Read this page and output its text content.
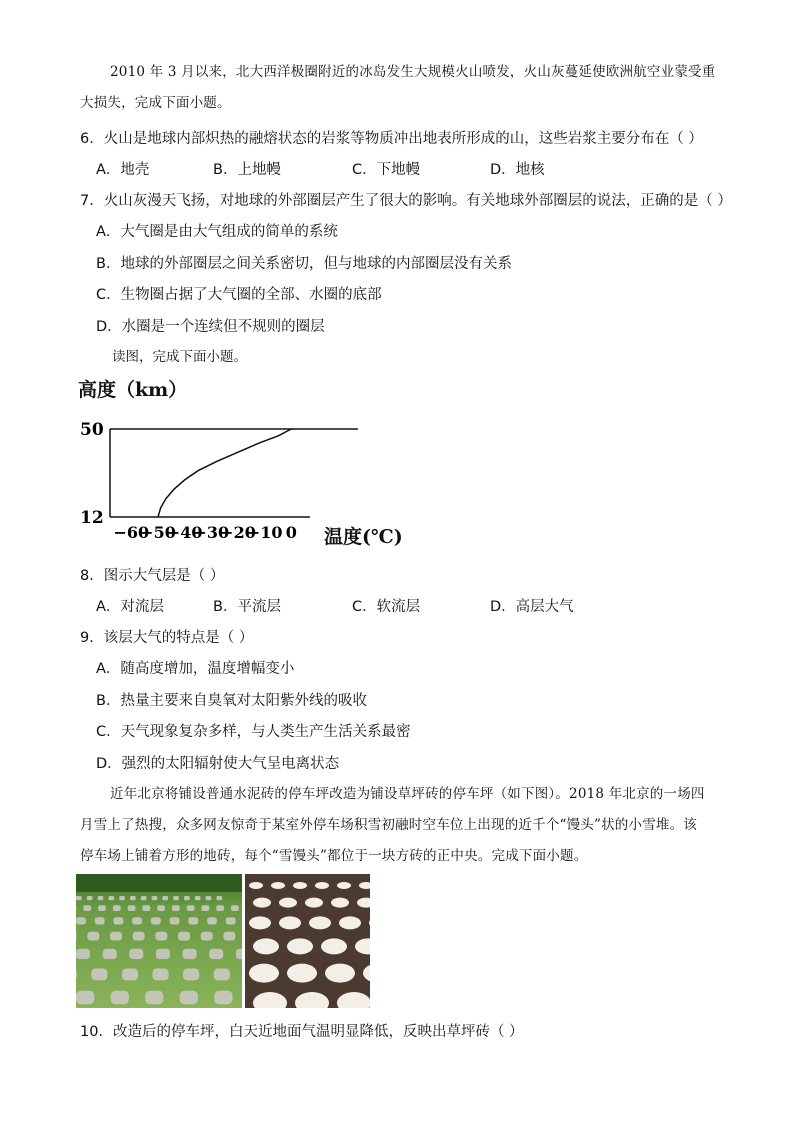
2010 年 3 月以来，北大西洋极圈附近的冰岛发生大规模火山喷发，火山灰蔓延使欧洲航空业蒙受重
大损失，完成下面小题。
6．火山是地球内部炽热的融熔状态的岩浆等物质冲出地表所形成的山，这些岩浆主要分布在（ ）
A．地壳	B．上地幔	C．下地幔	D．地核
7．火山灰漫天飞扬，对地球的外部圈层产生了很大的影响。有关地球外部圈层的说法，正确的是（ ）
A．大气圈是由大气组成的简单的系统
B．地球的外部圈层之间关系密切，但与地球的内部圈层没有关系
C．生物圈占据了大气圈的全部、水圈的底部
D．水圈是一个连续但不规则的圈层
读图，完成下面小题。
高度（km）
12
50
−60
−50
−40
−30
−20
−10 0 温度(℃)
8．图示大气层是（ ）
A．对流层	B．平流层	C．软流层	D．高层大气
9．该层大气的特点是（ ）
A．随高度增加，温度增幅变小
B．热量主要来自臭氧对太阳紫外线的吸收
C．天气现象复杂多样，与人类生产生活关系最密
D．强烈的太阳辐射使大气呈电离状态
近年北京将铺设普通水泥砖的停车坪改造为铺设草坪砖的停车坪（如下图）。2018 年北京的一场四
月雪上了热搜，众多网友惊奇于某室外停车场积雪初融时空车位上出现的近千个“馒头”状的小雪堆。该
停车场上铺着方形的地砖，每个“雪馒头”都位于一块方砖的正中央。完成下面小题。
10．改造后的停车坪，白天近地面气温明显降低，反映出草坪砖（ ）
